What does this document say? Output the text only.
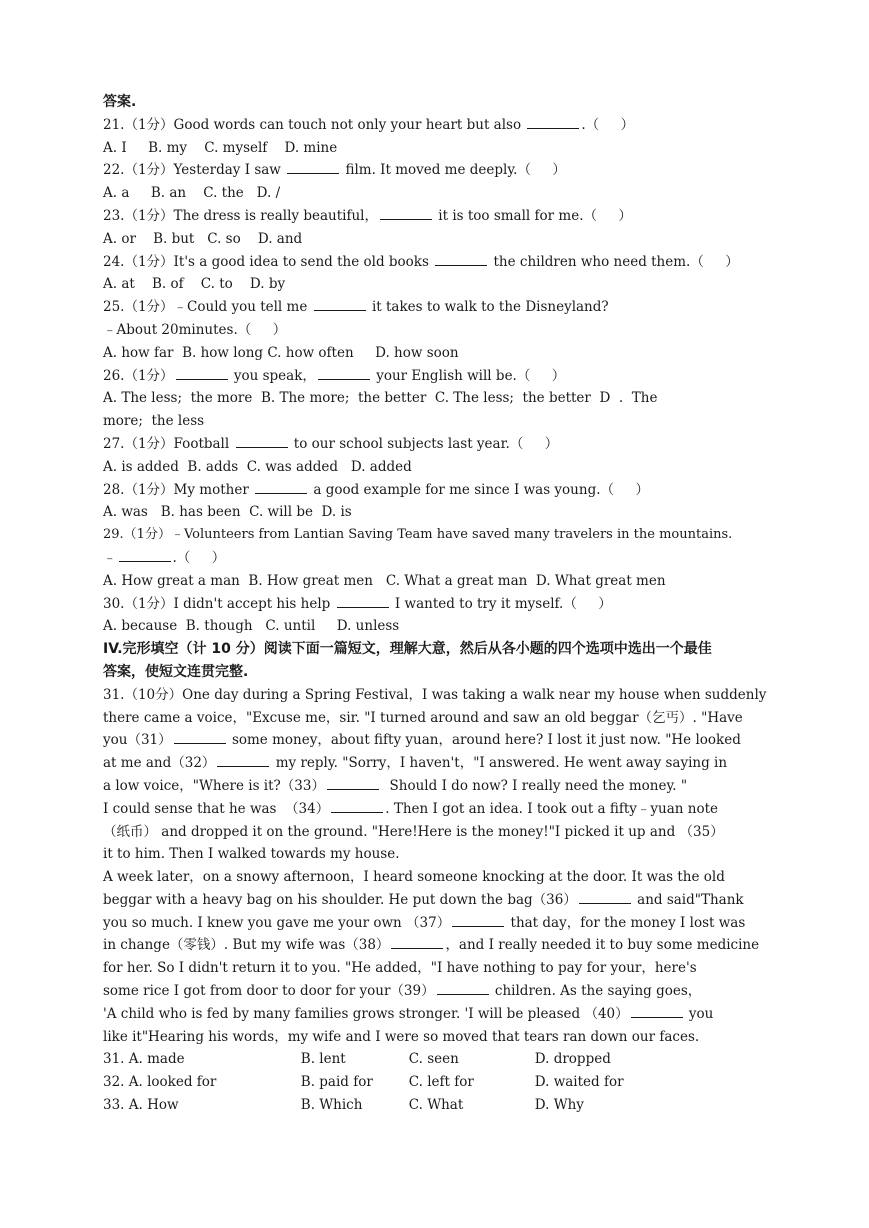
答案.
21.（1分）Good words can touch not only your heart but also	.（     ）
A. I     B. my    C. myself    D. mine
22.（1分）Yesterday I saw	film. It moved me deeply.（     ）
A. a     B. an    C. the   D. /
23.（1分）The dress is really beautiful，	it is too small for me.（     ）
A. or    B. but   C. so    D. and
24.（1分）It's a good idea to send the old books	the children who need them.（     ）
A. at    B. of    C. to    D. by
25.（1分）﹣Could you tell me	it takes to walk to the Disneyland?
﹣About 20minutes.（     ）
A. how far  B. how long C. how often     D. how soon
26.（1分）	you speak，	your English will be.（     ）
A. The less;  the more  B. The more;  the better  C. The less;  the better  D  .  The
more;  the less
27.（1分）Football	to our school subjects last year.（     ）
A. is added  B. adds  C. was added   D. added
28.（1分）My mother	a good example for me since I was young.（     ）
A. was   B. has been  C. will be  D. is
29.（1分）﹣Volunteers from Lantian Saving Team have saved many travelers in the mountains.
﹣	.（     ）
A. How great a man  B. How great men   C. What a great man  D. What great men
30.（1分）I didn't accept his help	I wanted to try it myself.（     ）
A. because  B. though   C. until     D. unless
IV.完形填空（计 10 分）阅读下面一篇短文，理解大意，然后从各小题的四个选项中选出一个最佳
答案，使短文连贯完整.
31.（10分）One day during a Spring Festival，I was taking a walk near my house when suddenly
there came a voice，"Excuse me，sir. "I turned around and saw an old beggar（乞丐）. "Have
you（31）	some money，about fifty yuan，around here? I lost it just now. "He looked
at me and（32）	my reply. "Sorry，I haven't，"I answered. He went away saying in
a low voice，"Where is it?（33）	Should I do now? I really need the money. "
I could sense that he was  （34）	. Then I got an idea. I took out a fifty﹣yuan note
（纸币） and dropped it on the ground. "Here!Here is the money!"I picked it up and （35）
it to him. Then I walked towards my house.
A week later，on a snowy afternoon，I heard someone knocking at the door. It was the old
beggar with a heavy bag on his shoulder. He put down the bag（36）	and said"Thank
you so much. I knew you gave me your own （37）	that day，for the money I lost was
in change（零钱）. But my wife was（38）	，and I really needed it to buy some medicine
for her. So I didn't return it to you. "He added，"I have nothing to pay for your，here's
some rice I got from door to door for your（39）	children. As the saying goes，
'A child who is fed by many families grows stronger. 'I will be pleased （40）	you
like it"Hearing his words，my wife and I were so moved that tears ran down our faces.
31. A. made	B. lent	C. seen	D. dropped
32. A. looked for	B. paid for	C. left for	D. waited for
33. A. How	B. Which	C. What	D. Why
